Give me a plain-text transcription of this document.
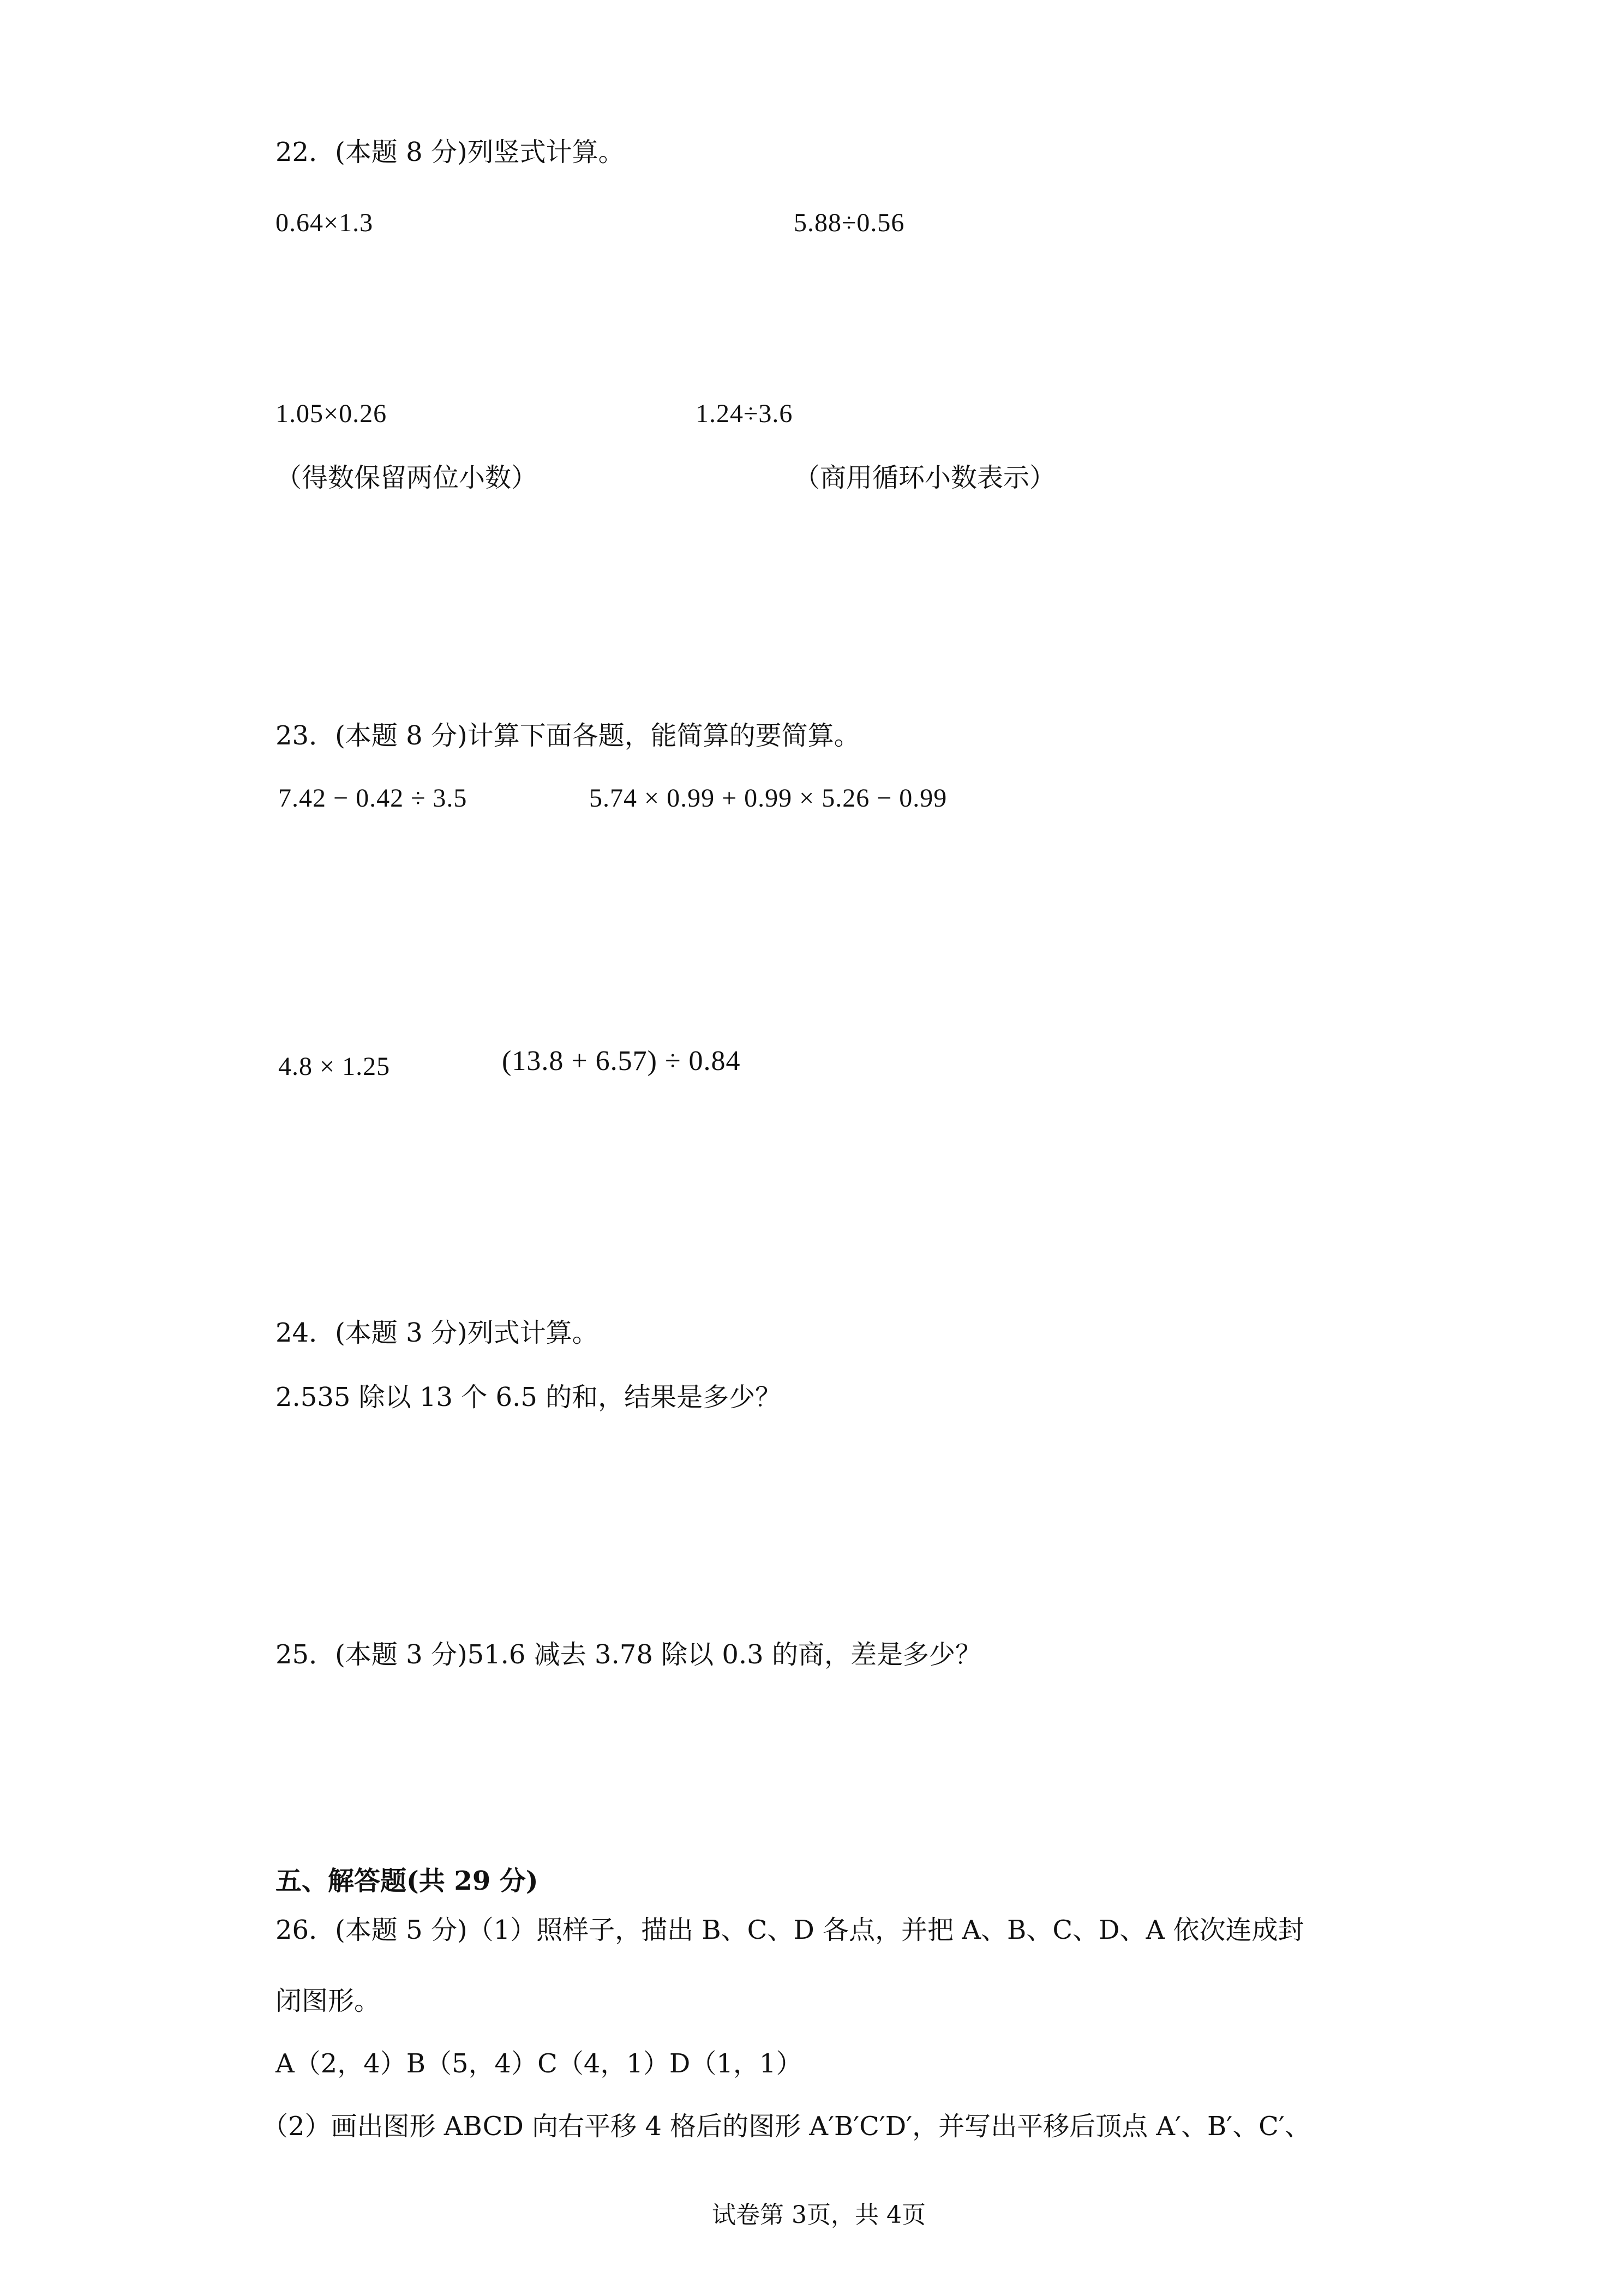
22．(本题 8 分)列竖式计算。
0.64×1.3	5.88÷0.56
1.05×0.26	1.24÷3.6
（得数保留两位小数）	（商用循环小数表示）
23．(本题 8 分)计算下面各题，能简算的要简算。
7.42 − 0.42 ÷ 3.5	5.74 × 0.99 + 0.99 × 5.26 − 0.99
4.8 × 1.25	(13.8 + 6.57) ÷ 0.84
24．(本题 3 分)列式计算。
2.535 除以 13 个 6.5 的和，结果是多少？
25．(本题 3 分)51.6 减去 3.78 除以 0.3 的商，差是多少？
五、解答题(共 29 分)
26．(本题 5 分)（1）照样子，描出 B、C、D 各点，并把 A、B、C、D、A 依次连成封
闭图形。
A（2，4）B（5，4）C（4，1）D（1，1）
（2）画出图形 ABCD 向右平移 4 格后的图形 A′B′C′D′，并写出平移后顶点 A′、B′、C′、
试卷第 3页，共 4页
